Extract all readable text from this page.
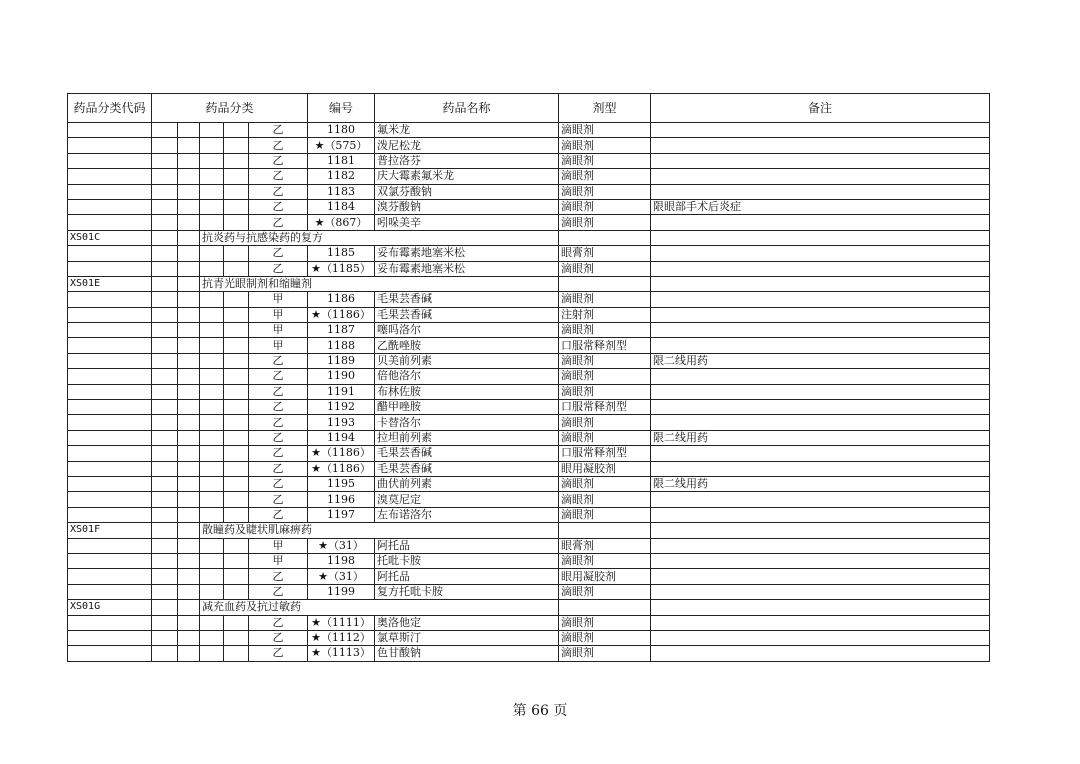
药品分类代码	药品分类					编号	药品名称	剂型	备注
					乙	1180	氟米龙	滴眼剂	
					乙	★（575）	泼尼松龙	滴眼剂	
					乙	1181	普拉洛芬	滴眼剂	
					乙	1182	庆大霉素氟米龙	滴眼剂	
					乙	1183	双氯芬酸钠	滴眼剂	
					乙	1184	溴芬酸钠	滴眼剂	限眼部手术后炎症
					乙	★（867）	吲哚美辛	滴眼剂	
XS01C			抗炎药与抗感染药的复方						
					乙	1185	妥布霉素地塞米松	眼膏剂	
					乙	★（1185）	妥布霉素地塞米松	滴眼剂	
XS01E			抗青光眼制剂和缩瞳剂						
					甲	1186	毛果芸香碱	滴眼剂	
					甲	★（1186）	毛果芸香碱	注射剂	
					甲	1187	噻吗洛尔	滴眼剂	
					甲	1188	乙酰唑胺	口服常释剂型	
					乙	1189	贝美前列素	滴眼剂	限二线用药
					乙	1190	倍他洛尔	滴眼剂	
					乙	1191	布林佐胺	滴眼剂	
					乙	1192	醋甲唑胺	口服常释剂型	
					乙	1193	卡替洛尔	滴眼剂	
					乙	1194	拉坦前列素	滴眼剂	限二线用药
					乙	★（1186）	毛果芸香碱	口服常释剂型	
					乙	★（1186）	毛果芸香碱	眼用凝胶剂	
					乙	1195	曲伏前列素	滴眼剂	限二线用药
					乙	1196	溴莫尼定	滴眼剂	
					乙	1197	左布诺洛尔	滴眼剂	
XS01F			散瞳药及睫状肌麻痹药						
					甲	★（31）	阿托品	眼膏剂	
					甲	1198	托吡卡胺	滴眼剂	
					乙	★（31）	阿托品	眼用凝胶剂	
					乙	1199	复方托吡卡胺	滴眼剂	
XS01G			减充血药及抗过敏药						
					乙	★（1111）	奥洛他定	滴眼剂	
					乙	★（1112）	氯草斯汀	滴眼剂	
					乙	★（1113）	色甘酸钠	滴眼剂	
第 66 页
